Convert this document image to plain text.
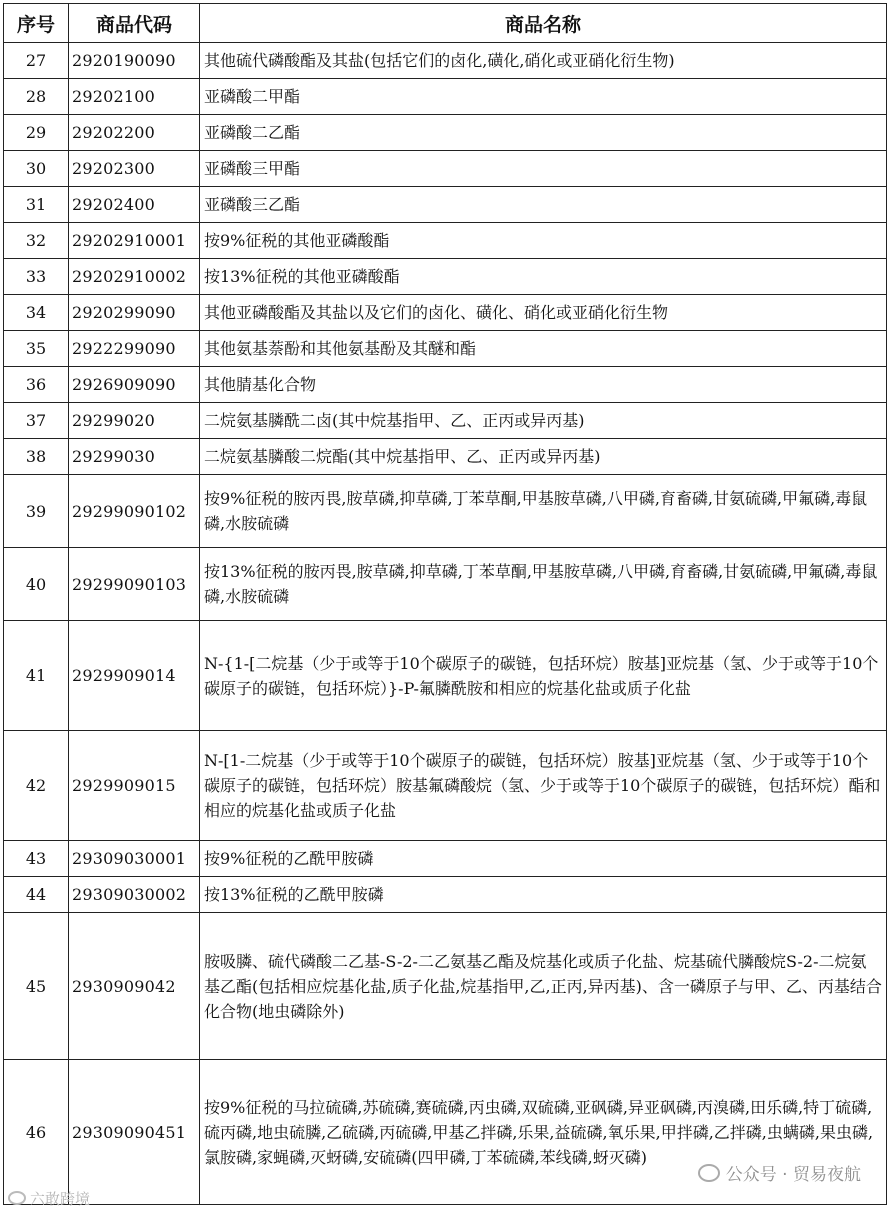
序号	商品代码	商品名称
27	2920190090	其他硫代磷酸酯及其盐(包括它们的卤化,磺化,硝化或亚硝化衍生物)
28	29202100	亚磷酸二甲酯
29	29202200	亚磷酸二乙酯
30	29202300	亚磷酸三甲酯
31	29202400	亚磷酸三乙酯
32	29202910001	按9%征税的其他亚磷酸酯
33	29202910002	按13%征税的其他亚磷酸酯
34	2920299090	其他亚磷酸酯及其盐以及它们的卤化、磺化、硝化或亚硝化衍生物
35	2922299090	其他氨基萘酚和其他氨基酚及其醚和酯
36	2926909090	其他腈基化合物
37	29299020	二烷氨基膦酰二卤(其中烷基指甲、乙、正丙或异丙基)
38	29299030	二烷氨基膦酸二烷酯(其中烷基指甲、乙、正丙或异丙基)
39	29299090102	按9%征税的胺丙畏,胺草磷,抑草磷,丁苯草酮,甲基胺草磷,八甲磷,育畜磷,甘氨硫磷,甲氟磷,毒鼠磷,水胺硫磷
40	29299090103	按13%征税的胺丙畏,胺草磷,抑草磷,丁苯草酮,甲基胺草磷,八甲磷,育畜磷,甘氨硫磷,甲氟磷,毒鼠磷,水胺硫磷
41	2929909014	N-{1-[二烷基（少于或等于10个碳原子的碳链，包括环烷）胺基]亚烷基（氢、少于或等于10个碳原子的碳链，包括环烷）}-P-氟膦酰胺和相应的烷基化盐或质子化盐
42	2929909015	N-[1-二烷基（少于或等于10个碳原子的碳链，包括环烷）胺基]亚烷基（氢、少于或等于10个碳原子的碳链，包括环烷）胺基氟磷酸烷（氢、少于或等于10个碳原子的碳链，包括环烷）酯和相应的烷基化盐或质子化盐
43	29309030001	按9%征税的乙酰甲胺磷
44	29309030002	按13%征税的乙酰甲胺磷
45	2930909042	胺吸膦、硫代磷酸二乙基-S-2-二乙氨基乙酯及烷基化或质子化盐、烷基硫代膦酸烷S-2-二烷氨基乙酯(包括相应烷基化盐,质子化盐,烷基指甲,乙,正丙,异丙基)、含一磷原子与甲、乙、丙基结合化合物(地虫磷除外)
46	29309090451	按9%征税的马拉硫磷,苏硫磷,赛硫磷,丙虫磷,双硫磷,亚砜磷,异亚砜磷,丙溴磷,田乐磷,特丁硫磷,硫丙磷,地虫硫膦,乙硫磷,丙硫磷,甲基乙拌磷,乐果,益硫磷,氧乐果,甲拌磷,乙拌磷,虫螨磷,果虫磷,氯胺磷,家蝇磷,灭蚜磷,安硫磷(四甲磷,丁苯硫磷,苯线磷,蚜灭磷)
六敢跨境
公众号 · 贸易夜航
